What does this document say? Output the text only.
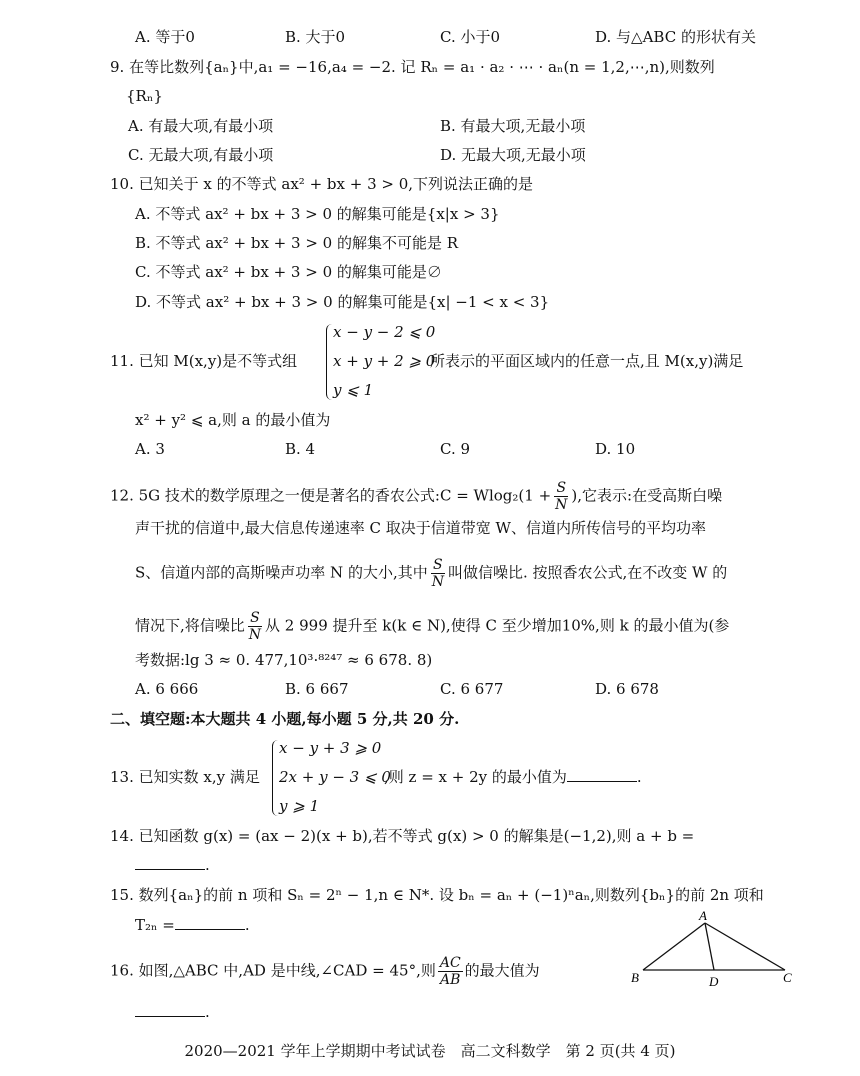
A. 等于0	B. 大于0	C. 小于0	D. 与△ABC 的形状有关
9. 在等比数列{aₙ}中,a₁ = −16,a₄ = −2. 记 Rₙ = a₁ · a₂ · ⋯ · aₙ(n = 1,2,⋯,n),则数列
{Rₙ}
A. 有最大项,有最小项	B. 有最大项,无最小项
C. 无最大项,有最小项	D. 无最大项,无最小项
10. 已知关于 x 的不等式 ax² + bx + 3 > 0,下列说法正确的是
A. 不等式 ax² + bx + 3 > 0 的解集可能是{x|x > 3}
B. 不等式 ax² + bx + 3 > 0 的解集不可能是 R
C. 不等式 ax² + bx + 3 > 0 的解集可能是∅
D. 不等式 ax² + bx + 3 > 0 的解集可能是{x| −1 < x < 3}
11. 已知 M(x,y)是不等式组
x − y − 2 ⩽ 0
x + y + 2 ⩾ 0
y ⩽ 1
所表示的平面区域内的任意一点,且 M(x,y)满足
x² + y² ⩽ a,则 a 的最小值为
A. 3	B. 4	C. 9	D. 10
12. 5G 技术的数学原理之一便是著名的香农公式:C = $Wlog_2(1 + \frac{S}{N}$ ),它表示:在受高斯白噪
声干扰的信道中,最大信息传递速率 C 取决于信道带宽 W、信道内所传信号的平均功率
S、信道内部的高斯噪声功率 N 的大小,其中 $\frac{S}{N}$ 叫做信噪比. 按照香农公式,在不改变 W 的
情况下,将信噪比 $\frac{S}{N}$ 从 2 999 提升至 k(k ∈ N),使得 C 至少增加10%,则 k 的最小值为(参
考数据:lg 3 ≈ 0. 477,10³·⁸²⁴⁷ ≈ 6 678. 8)
A. 6 666	B. 6 667	C. 6 677	D. 6 678
二、填空题:本大题共 4 小题,每小题 5 分,共 20 分.
13. 已知实数 x,y 满足
x − y + 3 ⩾ 0
2x + y − 3 ⩽ 0
y ⩾ 1
,则 z = x + 2y 的最小值为	.
14. 已知函数 g(x) = (ax − 2)(x + b),若不等式 g(x) > 0 的解集是(−1,2),则 a + b =
.
15. 数列{aₙ}的前 n 项和 Sₙ = 2ⁿ − 1,n ∈ N*. 设 bₙ = aₙ + (−1)ⁿaₙ,则数列{bₙ}的前 2n 项和
T₂ₙ =	.
16. 如图,△ABC 中,AD 是中线,∠CAD = 45°,则 $\frac{AC}{AB}$ 的最大值为
.
A
B	C
D
2020—2021 学年上学期期中考试试卷　高二文科数学　第 2 页(共 4 页)
